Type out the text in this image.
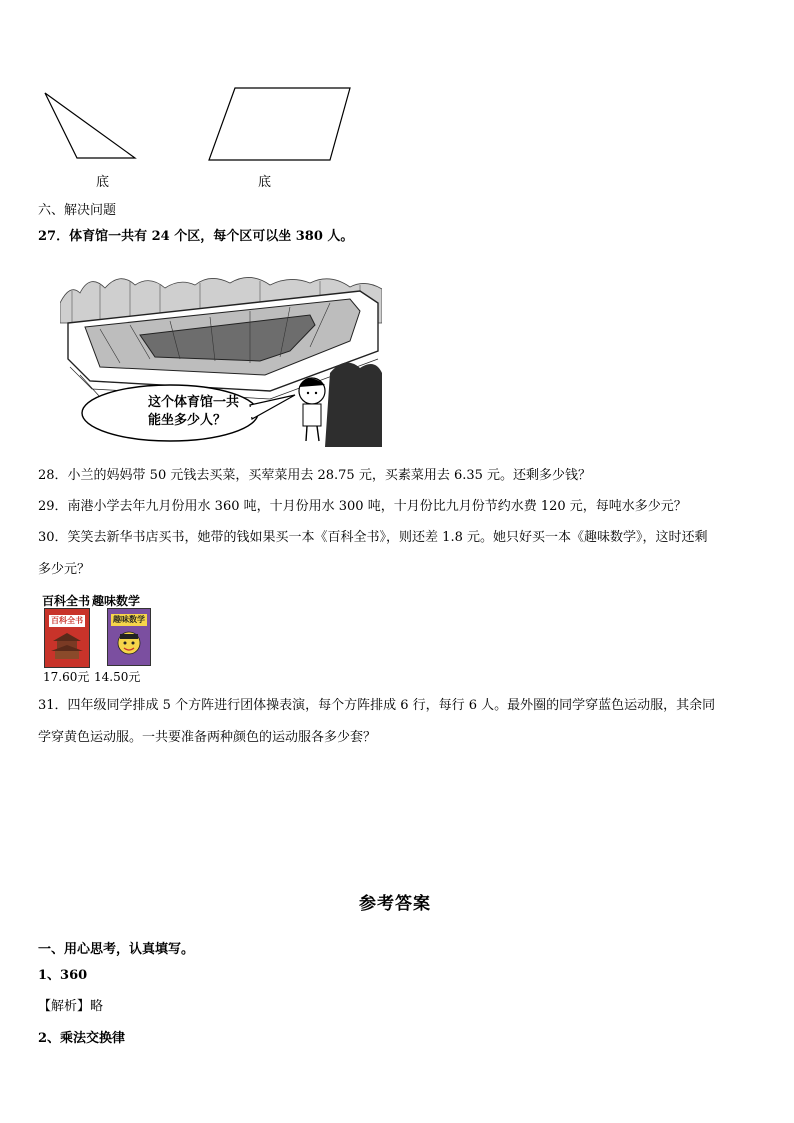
底	底
六、解决问题
27．体育馆一共有 24 个区，每个区可以坐 380 人。
这个体育馆一共
能坐多少人？
28．小兰的妈妈带 50 元钱去买菜，买荤菜用去 28.75 元，买素菜用去 6.35 元。还剩多少钱？
29．南港小学去年九月份用水 360 吨，十月份用水 300 吨，十月份比九月份节约水费 120 元，每吨水多少元？
30．笑笑去新华书店买书，她带的钱如果买一本《百科全书》，则还差 1.8 元。她只好买一本《趣味数学》，这时还剩
多少元？
百科全书
百科全书
17.60元
趣味数学
趣味数学
14.50元
31．四年级同学排成 5 个方阵进行团体操表演，每个方阵排成 6 行，每行 6 人。最外圈的同学穿蓝色运动服，其余同
学穿黄色运动服。一共要准备两种颜色的运动服各多少套？
参考答案
一、用心思考，认真填写。
1、360
【解析】略
2、乘法交换律
